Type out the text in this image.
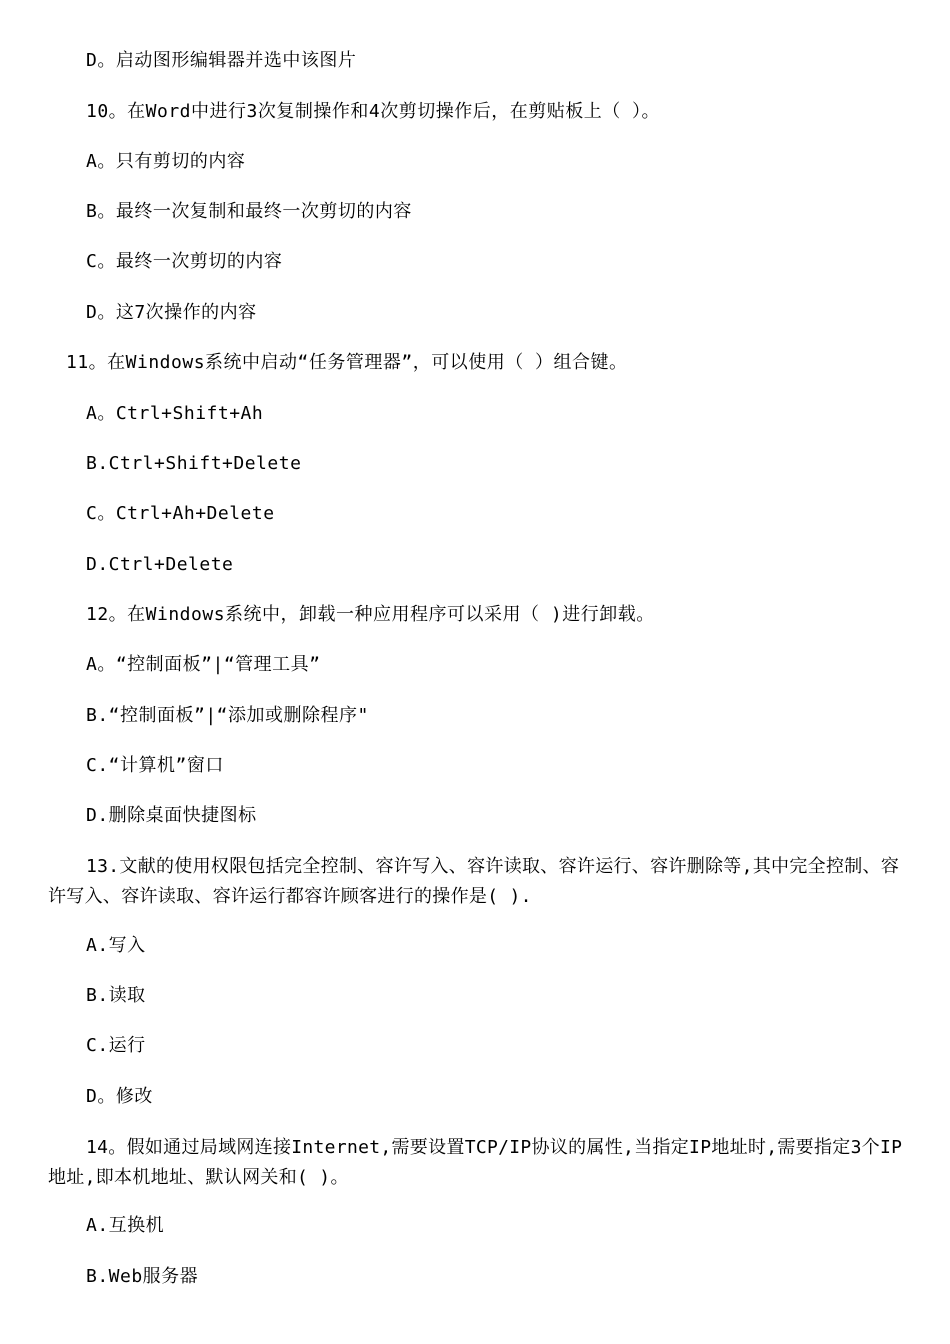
D。启动图形编辑器并选中该图片
10。在Word中进行3次复制操作和4次剪切操作后，在剪贴板上（ ）。
A。只有剪切的内容
B。最终一次复制和最终一次剪切的内容
C。最终一次剪切的内容
D。这7次操作的内容
11。在Windows系统中启动“任务管理器”，可以使用（ ）组合键。
A。Ctrl+Shift+Ah
B.Ctrl+Shift+Delete
C。Ctrl+Ah+Delete
D.Ctrl+Delete
12。在Windows系统中，卸载一种应用程序可以采用（ )进行卸载。
A。“控制面板”|“管理工具”
B.“控制面板”|“添加或删除程序"
C.“计算机”窗口
D.删除桌面快捷图标
13.文献的使用权限包括完全控制、容许写入、容许读取、容许运行、容许删除等,其中完全控制、容许写入、容许读取、容许运行都容许顾客进行的操作是( ).
A.写入
B.读取
C.运行
D。修改
14。假如通过局域网连接Internet,需要设置TCP/IP协议的属性,当指定IP地址时,需要指定3个IP地址,即本机地址、默认网关和( )。
A.互换机
B.Web服务器
